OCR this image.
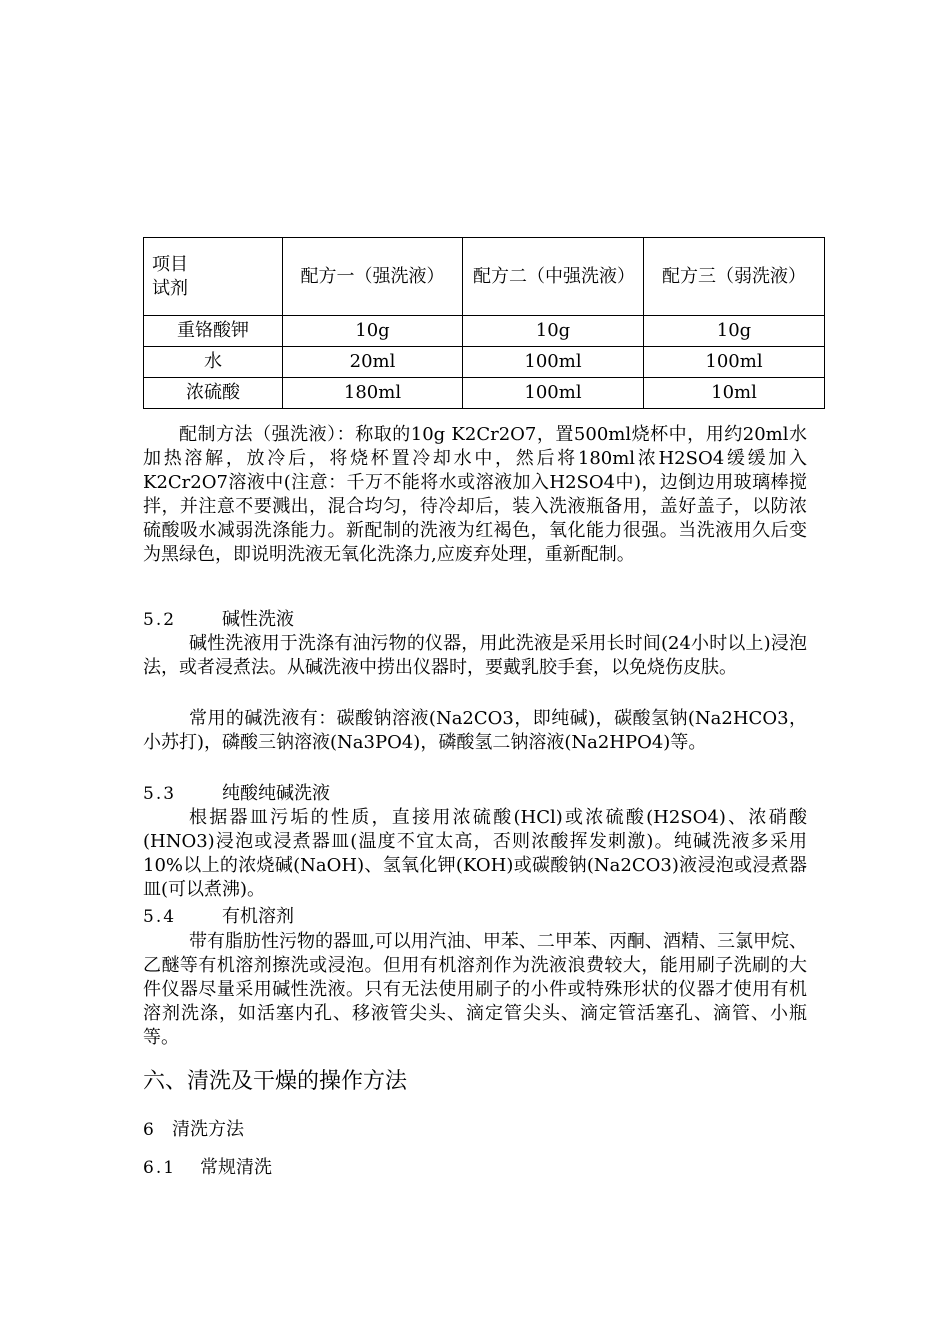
项目
试剂	配方一（强洗液）	配方二（中强洗液）	配方三（弱洗液）
重铬酸钾	10g	10g	10g
水	20ml	100ml	100ml
浓硫酸	180ml	100ml	10ml

配制方法（强洗液）：称取的10g K2Cr2O7，置500ml烧杯中，用约20ml水加热溶解，放冷后，将烧杯置冷却水中，然后将180ml浓H2SO4缓缓加入K2Cr2O7溶液中(注意：千万不能将水或溶液加入H2SO4中)，边倒边用玻璃棒搅拌，并注意不要溅出，混合均匀，待冷却后，装入洗液瓶备用，盖好盖子，以防浓硫酸吸水减弱洗涤能力。新配制的洗液为红褐色，氧化能力很强。当洗液用久后变为黑绿色，即说明洗液无氧化洗涤力,应废弃处理，重新配制。

5.2	碱性洗液

碱性洗液用于洗涤有油污物的仪器，用此洗液是采用长时间(24小时以上)浸泡法，或者浸煮法。从碱洗液中捞出仪器时，要戴乳胶手套，以免烧伤皮肤。

常用的碱洗液有：碳酸钠溶液(Na2CO3，即纯碱)，碳酸氢钠(Na2HCO3，小苏打)，磷酸三钠溶液(Na3PO4)，磷酸氢二钠溶液(Na2HPO4)等。

5.3	纯酸纯碱洗液

根据器皿污垢的性质，直接用浓硫酸(HCl)或浓硫酸(H2SO4)、浓硝酸(HNO3)浸泡或浸煮器皿(温度不宜太高，否则浓酸挥发刺激)。纯碱洗液多采用10%以上的浓烧碱(NaOH)、氢氧化钾(KOH)或碳酸钠(Na2CO3)液浸泡或浸煮器皿(可以煮沸)。

5.4	有机溶剂

带有脂肪性污物的器皿,可以用汽油、甲苯、二甲苯、丙酮、酒精、三氯甲烷、乙醚等有机溶剂擦洗或浸泡。但用有机溶剂作为洗液浪费较大，能用刷子洗刷的大件仪器尽量采用碱性洗液。只有无法使用刷子的小件或特殊形状的仪器才使用有机溶剂洗涤，如活塞内孔、移液管尖头、滴定管尖头、滴定管活塞孔、滴管、小瓶等。

六、清洗及干燥的操作方法
6 清洗方法
6.1 常规清洗
